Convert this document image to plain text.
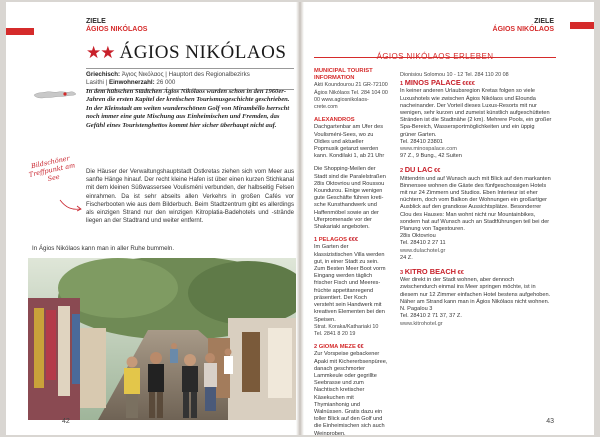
ZIELE
ÁGIOS NIKÓLAOS
★★ ÁGIOS NIKÓLAOS
Griechisch: Άγιος Νικόλαος | Hauptort des Regionalbezirks
Lasithi | Einwohnerzahl: 26 000

In dem hübschen Städtchen Ágios Nikólaos wurden schon in den 1960er-Jahren die ersten Kapitel der kretischen Tourismusgeschichte geschrieben. In der Kleinstadt am weiten wunderschönen Golf von Mirambéllo herrscht noch immer eine gute Mischung aus Einheimischen und Fremden, das Gefühl eines Touristenghettos kommt hier sicher überhaupt nicht auf.

Bildschöner Treffpunkt am See

Die Häuser der Verwaltungshauptstadt Ostkretas ziehen sich vom Meer aus sanfte Hänge hinauf. Der recht kleine Hafen ist über einen kurzen Stichkanal mit dem kleinen Süßwassersee Voulisméni verbunden, der halbseitig Felsen einrahmen. Da ist sehr abseits allen Verkehrs in großen Cafés vor Fischerbooten wie aus dem Bilderbuch. Beim Stadtzentrum gibt es allerdings als einzigen Strand nur den winzigen Kitroplatia-Badehotels und -strände liegen an der Stadtrand und weiter entfernt.

In Ágios Nikólaos kann man in aller Ruhe bummeln.

42
ZIELE
ÁGIOS NIKÓLAOS
ÁGIOS NIKÓLAOS ERLEBEN
MUNICIPAL TOURIST INFORMATION
Akti Koundourou 21 GR-72100 Ágios Nikólaos Tel. 284 104 00 00 www.agiosnikolaos-crete.com
ALEXANDROS
Dachgartenbar am Ufer des Voulisméni-Sees, wo zu Oldies und aktueller Popmusik getanzt werden kann. Kondilaki 1, ab 21 Uhr
Die Shopping-Meilen der Stadt sind die Paralelstraßen 28is Oktovriou und Roussou Koundurou. Einige wenigen gute Geschäfte führen kretische Kunsthandwerk und Haffenmöbel sowie an der Uferpromenade vor der Shakariaki angeboten.
1 PELAGOS €€€
Im Garten der klassizistischen Villa werden gut, in einer Stadt zu sein. Zum Besten Meer Boot vorm Eingang werden täglich frischer Fisch und Meeresfrüchte appetitanregend präsentiert. Der Koch versteht sein Handwerk mit kreativen Elementen bei den Speisen.
Strat. Koraka/Kathariaki 10 Tel. 2841 8 20 19
2 GIOMA MEZE €€
Zur Vorspeise gebackener Apaki mit Kichererbsenpüree, danach geschmorter Lammkeule oder gegrillte Seebrasse und zum Nachtisch kretischer Käsekuchen mit Thymianhonig und Walnüssen. Gratis dazu ein toller Blick auf den Golf und die Einheimischen sich auch Weinproben.
Dionisiou Solomou 10 - 12 Tel. 284 110 20 08
1 MINOS PALACE €€€€
In keiner anderen Urlaubsregion Kretas folgen so viele Luxushotels wie zwischen Ágios Nikólaos und Elounda nacheinander. Der Vorteil dieses Luxus-Resorts mit nur wenigen, sehr kurzen und zumeist künstlich aufgeschütteten Stränden ist die Stadtnähe (2 km). Mehrere Pools, ein großer Spa-Bereich, Wassersportmöglichkeiten und ein üppig grüner Garten.
Tel. 28410 23801
www.minospalace.com
97 Z., 9 Bung., 42 Suiten
2 DU LAC €€
Mittendrin und auf Wunsch auch mit Blick auf den markanten Binnensee wohnen die Gäste des fünfgeschossigen Hotels mit nur 24 Zimmern und Studios. Eben Interieur ist eher nüchtern, doch vom Balkon der Wohnungen ein großartiger Ausblick auf den grandiose Aussichtsplätze. Besonderrer Clou des Hauses: Man wohnt nicht nur Mountainbikes, sondern hat auf Wunsch auch an Stadtführungen teil bei der Planung von Tagestouren.
28is Oktovriou
Tel. 28410 2 27 11
www.dulachotel.gr
24 Z.
3 KITRO BEACH €€
Wer direkt in der Stadt wohnen, aber dennoch zwischendurch einmal ins Meer springen möchte, ist in diesem nur 12 Zimmer einfachen Hotel bestens aufgehoben. Näher am Strand kann man in Ágios Nikólaos nicht wohnen.
N. Pagalou 3
Tel. 28410 2 71 37, 37 Z.
www.kitrohotel.gr
43
